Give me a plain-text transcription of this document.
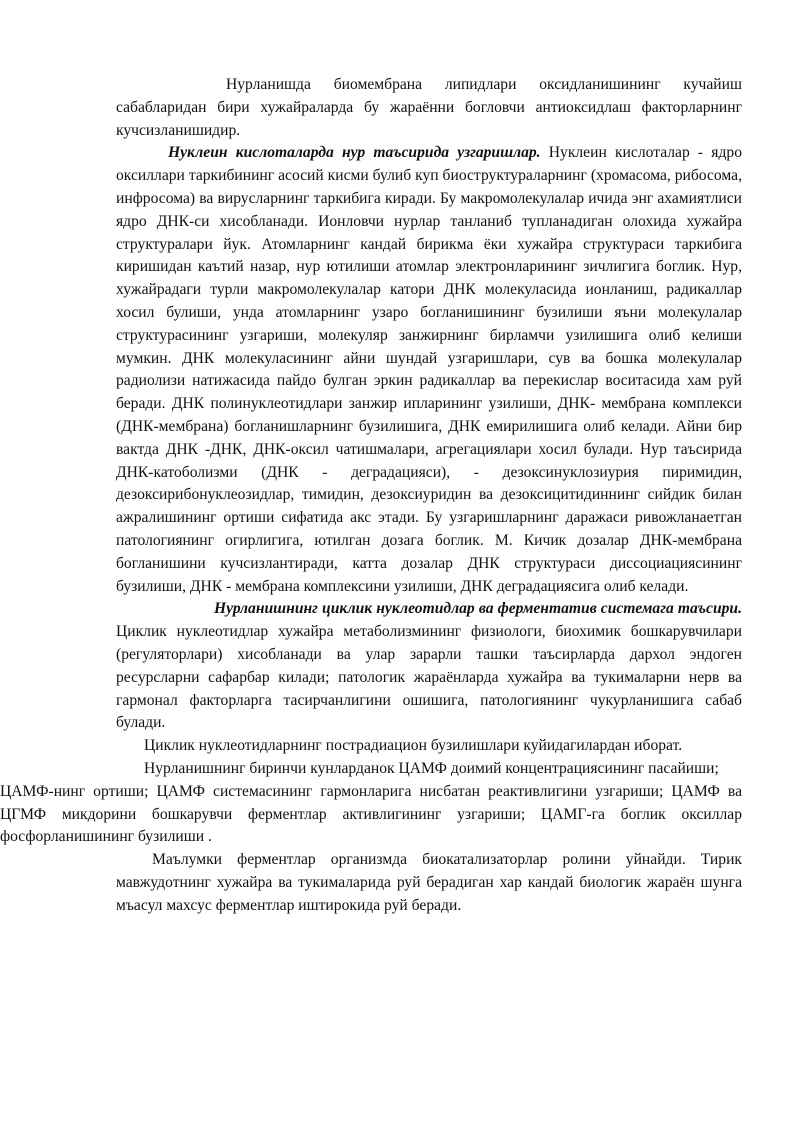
Нурланишда биомембрана липидлари оксидланишининг кучайиш сабабларидан бири хужайраларда бу жараённи богловчи антиоксидлаш факторларнинг кучсизланишидир.

Нуклеин кислоталарда нур таъсирида узгаришлар. Нуклеин кислоталар - ядро оксиллари таркибининг асосий кисми булиб куп биоструктураларнинг (хромасома, рибосома, инфросома) ва вирусларнинг таркибига киради. Бу макромолекулалар ичида энг ахамиятлиси ядро ДНК-си хисобланади. Ионловчи нурлар танланиб тупланадиган олохида хужайра структуралари йук. Атомларнинг кандай бирикма ёки хужайра структураси таркибига киришидан каътий назар, нур ютилиши атомлар электронларининг зичлигига боглик. Нур, хужайрадаги турли макромолекулалар катори ДНК молекуласида ионланиш, радикаллар хосил булиши, унда атомларнинг узаро богланишининг бузилиши яъни молекулалар структурасининг узгариши, молекуляр занжирнинг бирламчи узилишига олиб келиши мумкин. ДНК молекуласининг айни шундай узгаришлари, сув ва бошка молекулалар радиолизи натижасида пайдо булган эркин радикаллар ва перекислар воситасида хам руй беради. ДНК полинуклеотидлари занжир ипларининг узилиши, ДНК- мембрана комплекси (ДНК-мембрана) богланишларнинг бузилишига, ДНК емирилишига олиб келади. Айни бир вактда ДНК -ДНК, ДНК-оксил чатишмалари, агрегациялари хосил булади. Нур таъсирида ДНК-катоболизми (ДНК - деградацияси), - дезоксинуклозиурия пиримидин, дезоксирибонуклеозидлар, тимидин, дезоксиуридин ва дезоксицитидиннинг сийдик билан ажралишининг ортиши сифатида акс этади. Бу узгаришларнинг даражаси ривожланаетган патологиянинг огирлигига, ютилган дозага боглик. М. Кичик дозалар ДНК-мембрана богланишини кучсизлантиради, катта дозалар ДНК структураси диссоциациясининг бузилиши, ДНК - мембрана комплексини узилиши, ДНК деградациясига олиб келади.

Нурланишнинг циклик нуклеотидлар ва ферментатив системага таъсири. Циклик нуклеотидлар хужайра метаболизмининг физиологи, биохимик бошкарувчилари (регуляторлари) хисобланади ва улар зарарли ташки таъсирларда дархол эндоген ресурсларни сафарбар килади; патологик жараёнларда хужайра ва тукималарни нерв ва гармонал факторларга тасирчанлигини ошишига, патологиянинг чукурланишига сабаб булади.

Циклик нуклеотидларнинг пострадиацион бузилишлари куйидагилардан иборат.

Нурланишнинг биринчи кунларданок ЦАМФ доимий концентрациясининг пасайиши;

ЦАМФ-нинг ортиши; ЦАМФ системасининг гармонларига нисбатан реактивлигини узгариши; ЦАМФ ва ЦГМФ микдорини бошкарувчи ферментлар активлигининг узгариши; ЦАМГ-га боглик оксиллар фосфорланишининг бузилиши .

Маълумки ферментлар организмда биокатализаторлар ролини уйнайди. Тирик мавжудотнинг хужайра ва тукималарида руй берадиган хар кандай биологик жараён шунга мъасул махсус ферментлар иштирокида руй беради.
